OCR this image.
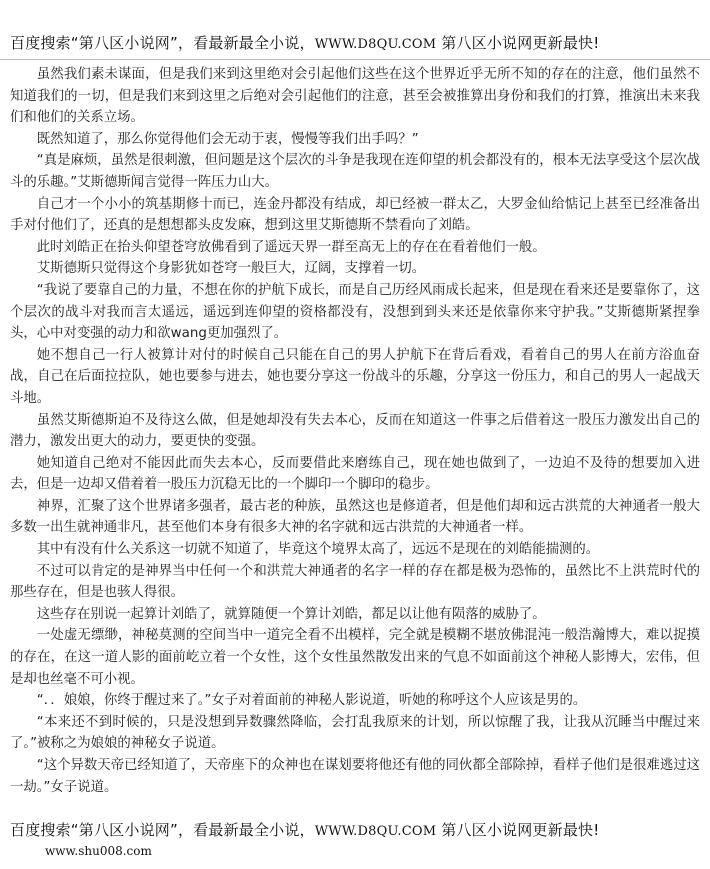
百度搜索“第八区小说网”，看最新最全小说，WWW.D8QU.COM 第八区小说网更新最快!

虽然我们素未谋面，但是我们来到这里绝对会引起他们这些在这个世界近乎无所不知的存在的注意，他们虽然不知道我们的一切，但是我们来到这里之后绝对会引起他们的注意，甚至会被推算出身份和我们的打算，推演出未来我们和他们的关系立场。

既然知道了，那么你觉得他们会无动于衷，慢慢等我们出手吗？”

“真是麻烦，虽然是很刺激，但问题是这个层次的斗争是我现在连仰望的机会都没有的，根本无法享受这个层次战斗的乐趣。”艾斯德斯闻言觉得一阵压力山大。

自己才一个小小的筑基期修十而已，连金丹都没有结成，却已经被一群太乙，大罗金仙给惦记上甚至已经准备出手对付他们了，还真的是想想都头皮发麻，想到这里艾斯德斯不禁看向了刘皓。

此时刘皓正在抬头仰望苍穹放佛看到了遥远天界一群至高无上的存在在看着他们一般。

艾斯德斯只觉得这个身影犹如苍穹一般巨大，辽阔，支撑着一切。

“我说了要靠自己的力量，不想在你的护航下成长，而是自己历经风雨成长起来，但是现在看来还是要靠你了，这个层次的战斗对我而言太遥远，遥远到连仰望的资格都没有，没想到到头来还是依靠你来守护我。”艾斯德斯紧捏拳头，心中对变强的动力和欲wang更加强烈了。

她不想自己一行人被算计对付的时候自己只能在自己的男人护航下在背后看戏，看着自己的男人在前方浴血奋战，自己在后面拉拉队，她也要参与进去，她也要分享这一份战斗的乐趣，分享这一份压力，和自己的男人一起战天斗地。

虽然艾斯德斯迫不及待这么做，但是她却没有失去本心，反而在知道这一件事之后借着这一股压力激发出自己的潜力，激发出更大的动力，要更快的变强。

她知道自己绝对不能因此而失去本心，反而要借此来磨练自己，现在她也做到了，一边迫不及待的想要加入进去，但是一边却又借着着一股压力沉稳无比的一个脚印一个脚印的稳步。

神界，汇聚了这个世界诸多强者，最古老的种族，虽然这也是修道者，但是他们却和远古洪荒的大神通者一般大多数一出生就神通非凡，甚至他们本身有很多大神的名字就和远古洪荒的大神通者一样。

其中有没有什么关系这一切就不知道了，毕竟这个境界太高了，远远不是现在的刘皓能揣测的。

不过可以肯定的是神界当中任何一个和洪荒大神通者的名字一样的存在都是极为恐怖的，虽然比不上洪荒时代的那些存在，但是也骇人得很。

这些存在别说一起算计刘皓了，就算随便一个算计刘皓，都足以让他有陨落的威胁了。

一处虚无缥缈，神秘莫测的空间当中一道完全看不出模样，完全就是模糊不堪放佛混沌一般浩瀚博大，难以捉摸的存在，在这一道人影的面前屹立着一个女性，这个女性虽然散发出来的气息不如面前这个神秘人影博大，宏伟，但是却也丝毫不可小视。

“．．娘娘，你终于醒过来了。”女子对着面前的神秘人影说道，听她的称呼这个人应该是男的。

“本来还不到时候的，只是没想到异数骤然降临，会打乱我原来的计划，所以惊醒了我，让我从沉睡当中醒过来了。”被称之为娘娘的神秘女子说道。

“这个异数天帝已经知道了，天帝座下的众神也在谋划要将他还有他的同伙都全部除掉，看样子他们是很难逃过这一劫。”女子说道。

百度搜索“第八区小说网”，看最新最全小说，WWW.D8QU.COM 第八区小说网更新最快!
www.shu008.com
